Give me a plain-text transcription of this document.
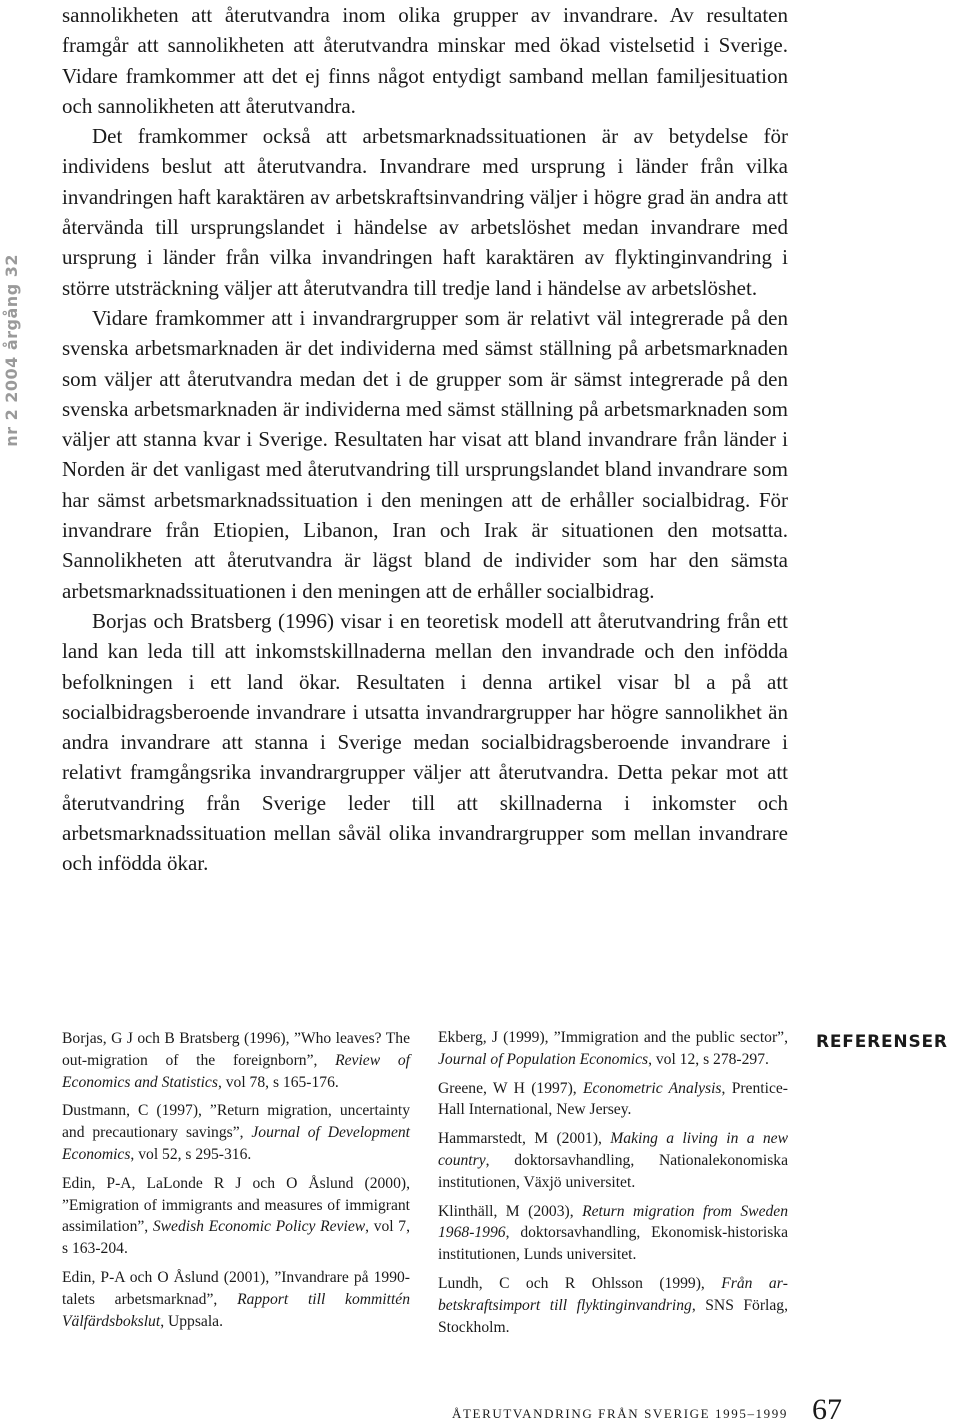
nr 2 2004 årgång 32

sannolikheten att återutvandra inom olika grupper av invandrare. Av resultaten framgår att sannolikheten att återutvandra minskar med ökad vistelsetid i Sverige. Vidare framkommer att det ej finns något entydigt samband mellan familjesituation och sannolikheten att återutvandra.

Det framkommer också att arbetsmarknadssituationen är av betydelse för individens beslut att återutvandra. Invandrare med ursprung i länder från vilka invandringen haft karaktären av arbetskraftsinvandring väljer i högre grad än andra att återvända till ursprungslandet i händelse av arbetslöshet medan invandrare med ursprung i länder från vilka invandringen haft karaktären av flyktinginvandring i större utsträckning väljer att återutvandra till tredje land i händelse av arbetslöshet.

Vidare framkommer att i invandrargrupper som är relativt väl integrerade på den svenska arbetsmarknaden är det individerna med sämst ställning på arbetsmarknaden som väljer att återutvandra medan det i de grupper som är sämst integrerade på den svenska arbetsmarknaden är individerna med sämst ställning på arbetsmarknaden som väljer att stanna kvar i Sverige. Resultaten har visat att bland invandrare från länder i Norden är det vanligast med återutvandring till ursprungslandet bland invandrare som har sämst arbetsmarknadssituation i den meningen att de erhåller socialbidrag. För invandrare från Etiopien, Libanon, Iran och Irak är situationen den motsatta. Sannolikheten att återutvandra är lägst bland de individer som har den sämsta arbetsmarknadssituationen i den meningen att de erhåller socialbidrag.

Borjas och Bratsberg (1996) visar i en teoretisk modell att återutvandring från ett land kan leda till att inkomstskillnaderna mellan den invandrade och den infödda befolkningen i ett land ökar. Resultaten i denna artikel visar bl a på att socialbidragsberoende invandrare i utsatta invandrargrupper har högre sannolikhet än andra invandrare att stanna i Sverige medan socialbidragsberoende invandrare i relativt framgångsrika invandrargrupper väljer att återutvandra. Detta pekar mot att återutvandring från Sverige leder till att skillnaderna i inkomster och arbetsmarknadssituation mellan såväl olika invandrargrupper som mellan invandrare och infödda ökar.

Borjas, G J och B Bratsberg (1996), ”Who leaves? The out-migration of the foreignborn”, Review of Economics and Statistics, vol 78, s 165-176.

Dustmann, C (1997), ”Return migration, uncertainty and precautionary savings”, Journal of Development Economics, vol 52, s 295-316.

Edin, P-A, LaLonde R J och O Åslund (2000), ”Emigration of immigrants and measures of immigrant assimilation”, Swedish Economic Policy Review, vol 7, s 163-204.

Edin, P-A och O Åslund (2001), ”Invandrare på 1990-talets arbetsmarknad”, Rapport till kommittén Välfärdsbokslut, Uppsala.

Ekberg, J (1999), ”Immigration and the public sector”, Journal of Population Economics, vol 12, s 278-297.

Greene, W H (1997), Econometric Analysis, Prentice-Hall International, New Jersey.

Hammarstedt, M (2001), Making a living in a new country, doktorsavhandling, Nationalekonomiska institutionen, Växjö universitet.

Klinthäll, M (2003), Return migration from Sweden 1968-1996, doktorsavhandling, Ekonomisk-historiska institutionen, Lunds universitet.

Lundh, C och R Ohlsson (1999), Från arbetskraftsimport till flyktinginvandring, SNS Förlag, Stockholm.

REFERENSER
ÅTERUTVANDRING FRÅN SVERIGE 1995–1999 67
